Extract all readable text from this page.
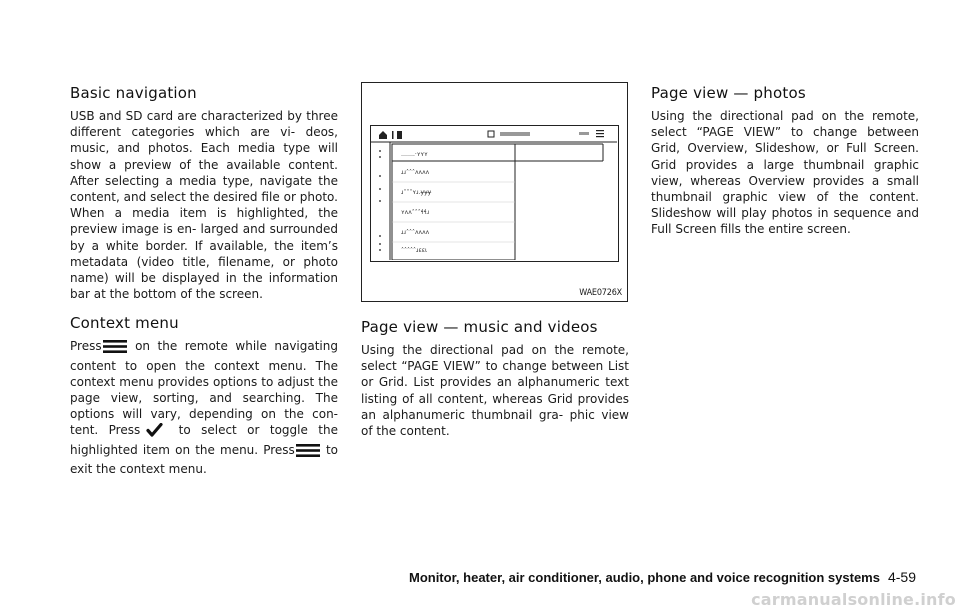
Basic navigation

USB and SD card are characterized by three different categories which are vi- deos, music, and photos. Each media type will show a preview of the available content. After selecting a media type, navigate the content, and select the desired file or photo. When a media item is highlighted, the preview image is en- larged and surrounded by a white border. If available, the item’s metadata (video title, filename, or photo name) will be displayed in the information bar at the bottom of the screen.

Context menu

Press	on the remote while navigating content to open the context menu. The context menu provides options to adjust the page view, sorting, and searching. The options will vary, depending on the con- tent. Press	to select or toggle the highlighted item on the menu. Press	to exit the context menu.

…….·ʏʏʏ
ɹɹ˄˄˄ʌʌʌʌ
ɹ˄˄˄ʏɹ.ɏɏɏ
ʏʌʌ˄˄˄ɬɬɹ
ɹɹ˄˄˄ʌʌʌʌ
˄˄˄˄˄ɹɛɛɩ
WAE0726X
Page view — music and videos

Using the directional pad on the remote, select “PAGE VIEW” to change between List or Grid. List provides an alphanumeric text listing of all content, whereas Grid provides an alphanumeric thumbnail gra- phic view of the content.

Page view — photos

Using the directional pad on the remote, select “PAGE VIEW” to change between Grid, Overview, Slideshow, or Full Screen. Grid provides a large thumbnail graphic view, whereas Overview provides a small thumbnail graphic view of the content. Slideshow will play photos in sequence and Full Screen fills the entire screen.

Monitor, heater, air conditioner, audio, phone and voice recognition systems 4-59
carmanualsonline.info
